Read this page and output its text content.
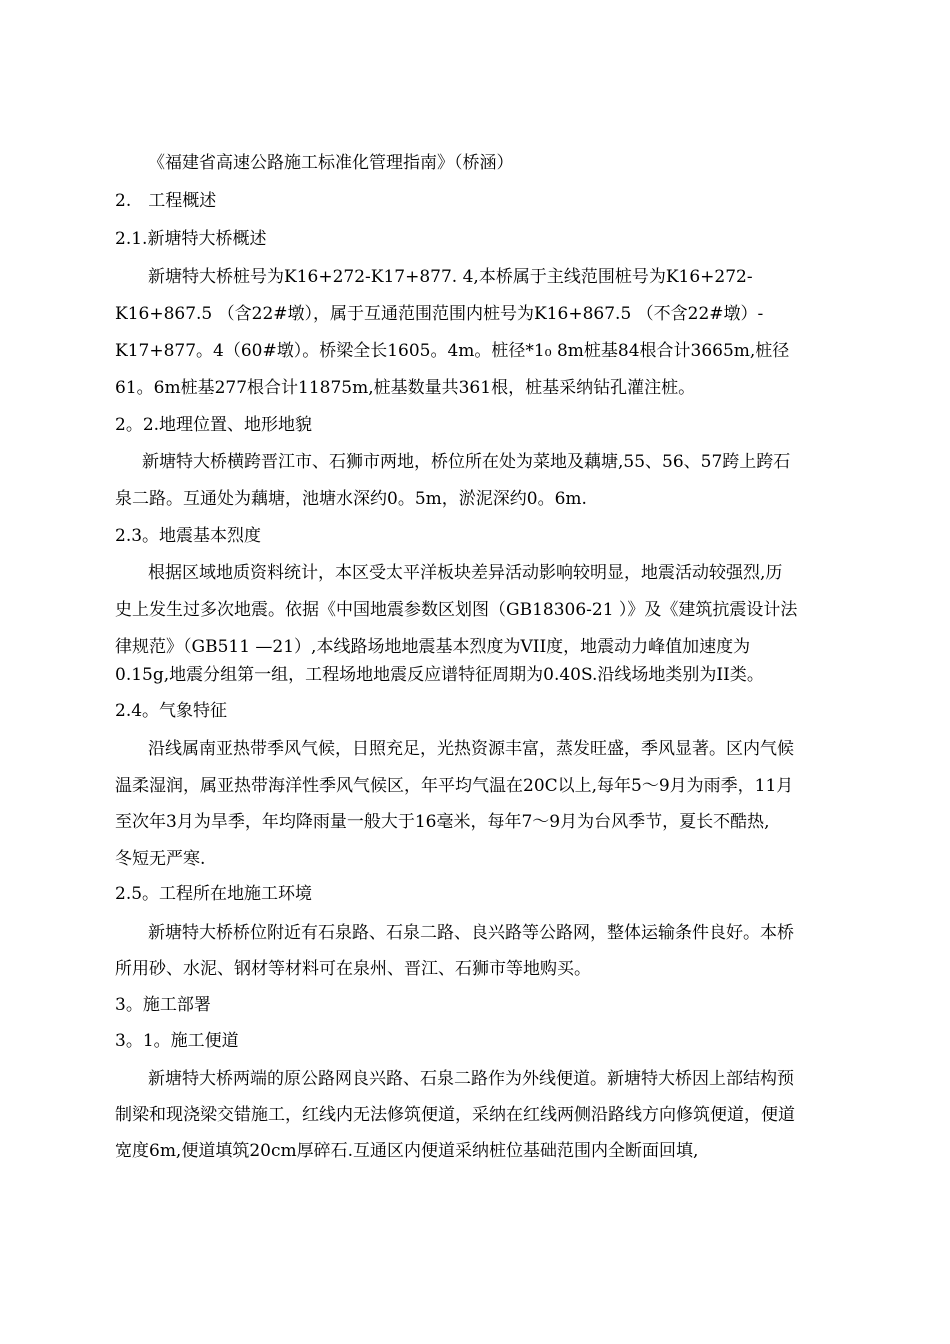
《福建省高速公路施工标准化管理指南》（桥涵）
2.　工程概述
2.1.新塘特大桥概述
新塘特大桥桩号为K16+272-K17+877. 4,本桥属于主线范围桩号为K16+272-
K16+867.5 （含22#墩），属于互通范围范围内桩号为K16+867.5 （不含22#墩）-
K17+877。4（60#墩）。桥梁全长1605。4m。桩径*1₀ 8m桩基84根合计3665m,桩径
61。6m桩基277根合计11875m,桩基数量共361根，桩基采纳钻孔灌注桩。
2。2.地理位置、地形地貌
新塘特大桥横跨晋江市、石狮市两地，桥位所在处为菜地及藕塘,55、56、57跨上跨石
泉二路。互通处为藕塘，池塘水深约0。5m，淤泥深约0。6m.
2.3。地震基本烈度
根据区域地质资料统计，本区受太平洋板块差异活动影响较明显，地震活动较强烈,历
史上发生过多次地震。依据《中国地震参数区划图（GB18306-21 ）》及《建筑抗震设计法
律规范》（GB511 —21）,本线路场地地震基本烈度为VII度，地震动力峰值加速度为
0.15g,地震分组第一组，工程场地地震反应谱特征周期为0.40S.沿线场地类别为II类。
2.4。气象特征
沿线属南亚热带季风气候，日照充足，光热资源丰富，蒸发旺盛，季风显著。区内气候
温柔湿润，属亚热带海洋性季风气候区，年平均气温在20C以上,每年5〜9月为雨季，11月
至次年3月为旱季，年均降雨量一般大于16毫米，每年7〜9月为台风季节，夏长不酷热,
冬短无严寒.
2.5。工程所在地施工环境
新塘特大桥桥位附近有石泉路、石泉二路、良兴路等公路网，整体运输条件良好。本桥
所用砂、水泥、钢材等材料可在泉州、晋江、石狮市等地购买。
3。施工部署
3。1。施工便道
新塘特大桥两端的原公路网良兴路、石泉二路作为外线便道。新塘特大桥因上部结构预
制梁和现浇梁交错施工，红线内无法修筑便道，采纳在红线两侧沿路线方向修筑便道，便道
宽度6m,便道填筑20cm厚碎石.互通区内便道采纳桩位基础范围内全断面回填,
